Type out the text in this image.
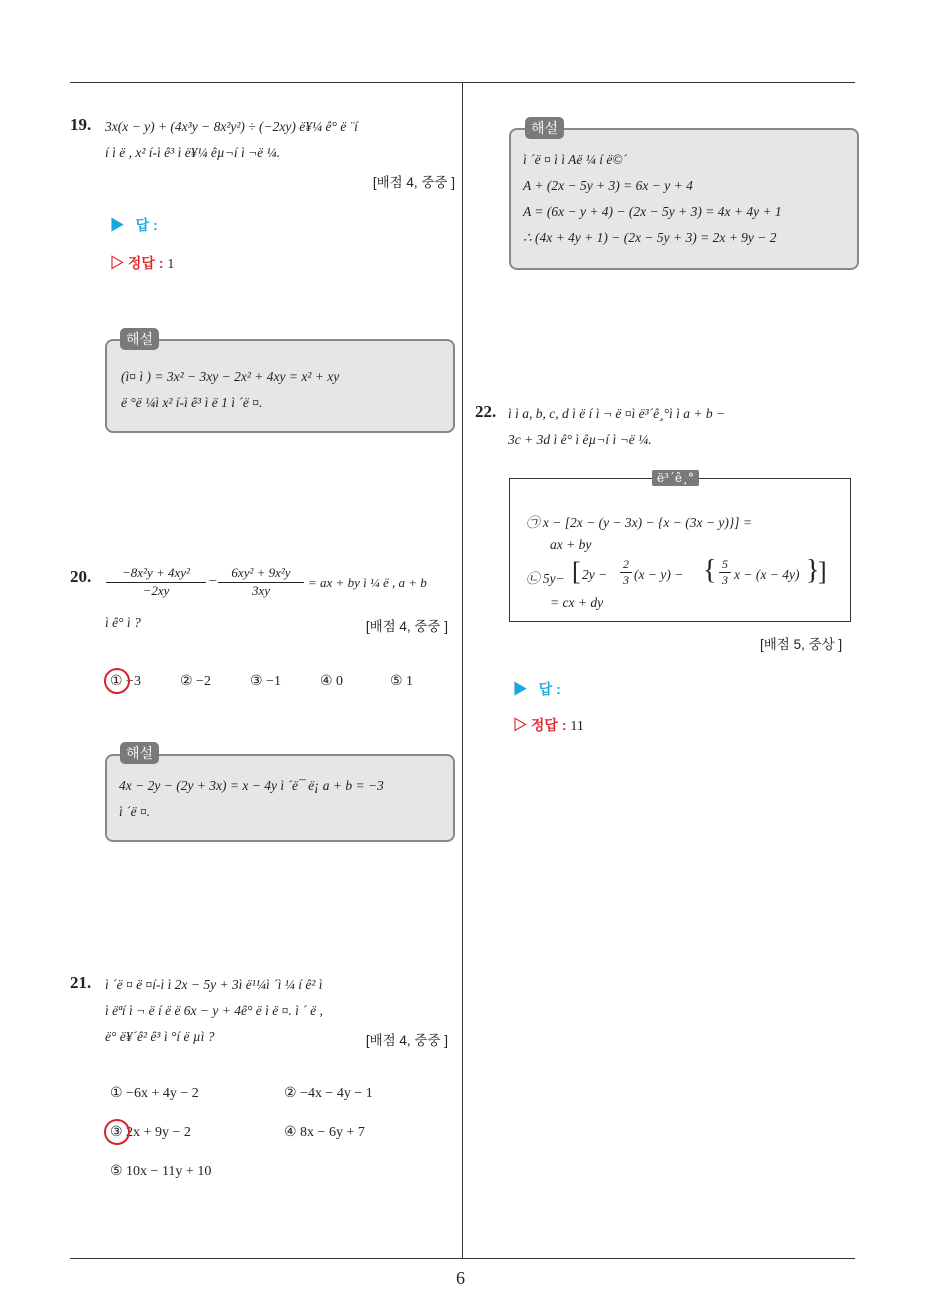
19. 3x(x − y) + (4x³y − 8x²y²) ÷ (−2xy) ë¥¼ ê° ë ¨í
í ì ë , x² í‑ì ê³ ì ë¥¼ êµ¬í ì ¬ë ¼.
[배점 4, 중중 ]
▶   답 :
▷ 정답 : 1
(ì¤ ì ) = 3x² − 3xy − 2x² + 4xy = x² + xy
ë °ë ¼ì x² í‑ì ê³ ì ë 1 ì ´ë ¤.
해설
20. $\frac{\text{−8x²y + 4xy²}}{-2xy} - \frac{\text{6xy² + 9x²y}}{3xy}$ = ax + by ì ¼ ë , a + b
ì ê° ì ?	[배점 4, 중중 ]
① −3	② −2	③ −1	④ 0	⑤ 1
4x − 2y − (2y + 3x) = x − 4y ì ´ë¯ ë¡ a + b = −3
ì ´ë ¤.
해설
21. ì ´ë ¤ ë ¤í‑ì ì 2x − 5y + 3ì ë¹¼ì ´ì ¼ í ê² ì
ì ëªí ì ¬ ë í ë ë 6x − y + 4ê° ë ì ë ¤. ì ´ ë ,
ë° ë¥´ê² ê³ ì °í ë µì ?	[배점 4, 중중 ]
① −6x + 4y − 2	② −4x − 4y − 1
③ 2x + 9y − 2	④ 8x − 6y + 7
⑤ 10x − 11y + 10
ì ´ë ¤ ì ì Aë ¼ í ë©´
A + (2x − 5y + 3) = 6x − y + 4
A = (6x − y + 4) − (2x − 5y + 3) = 4x + 4y + 1
∴ (4x + 4y + 1) − (2x − 5y + 3) = 2x + 9y − 2
해설
22. ì ì a, b, c, d ì ë í ì ¬ ë ¤ì ë³´ê¸°ì ì a + b −
3c + 3d ì ê° ì êµ¬í ì ¬ë ¼.
㉠ x − [2x − (y − 3x) − {x − (3x − y)}] =
ax + by
㉡ 5y− [ 2y −
2
3 (x − y) − { 5
3 x − (x − 4y) }
]
= cx + dy
ë³´ê¸°
[배점 5, 중상 ]
▶   답 :
▷ 정답 : 11
6
